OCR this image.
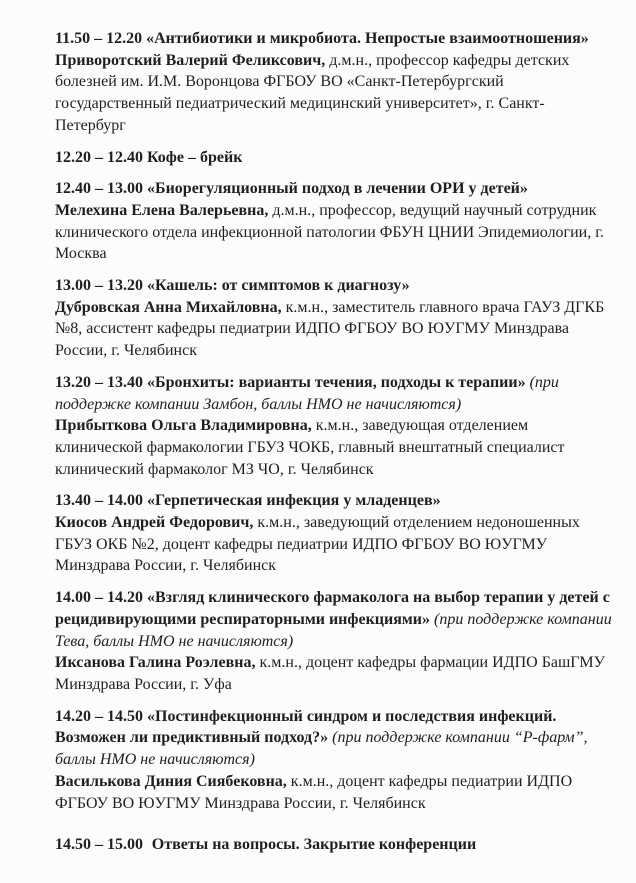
11.50 – 12.20 «Антибиотики и микробиота. Непростые взаимоотношения»

Приворотский Валерий Феликсович, д.м.н., профессор кафедры детских болезней им. И.М. Воронцова ФГБОУ ВО «Санкт-Петербургский государственный педиатрический медицинский университет», г. Санкт-Петербург

12.20 – 12.40 Кофе – брейк

12.40 – 13.00 «Биорегуляционный подход в лечении ОРИ у детей»

Мелехина Елена Валерьевна, д.м.н., профессор, ведущий научный сотрудник клинического отдела инфекционной патологии ФБУН ЦНИИ Эпидемиологии, г. Москва

13.00 – 13.20 «Кашель: от симптомов к диагнозу»

Дубровская Анна Михайловна, к.м.н., заместитель главного врача ГАУЗ ДГКБ №8, ассистент кафедры педиатрии ИДПО ФГБОУ ВО ЮУГМУ Минздрава России, г. Челябинск

13.20 – 13.40 «Бронхиты: варианты течения, подходы к терапии» (при поддержке компании Замбон, баллы НМО не начисляются)

Прибыткова Ольга Владимировна, к.м.н., заведующая отделением клинической фармакологии ГБУЗ ЧОКБ, главный внештатный специалист клинический фармаколог МЗ ЧО, г. Челябинск

13.40 – 14.00 «Герпетическая инфекция у младенцев»

Киосов Андрей Федорович, к.м.н., заведующий отделением недоношенных ГБУЗ ОКБ №2, доцент кафедры педиатрии ИДПО ФГБОУ ВО ЮУГМУ Минздрава России, г. Челябинск

14.00 – 14.20 «Взгляд клинического фармаколога на выбор терапии у детей с рецидивирующими респираторными инфекциями» (при поддержке компании Тева, баллы НМО не начисляются)

Иксанова Галина Роэлевна, к.м.н., доцент кафедры фармации ИДПО БашГМУ Минздрава России, г. Уфа

14.20 – 14.50 «Постинфекционный синдром и последствия инфекций. Возможен ли предиктивный подход?» (при поддержке компании “Р-фарм”, баллы НМО не начисляются)

Василькова Диния Сиябековна, к.м.н., доцент кафедры педиатрии ИДПО ФГБОУ ВО ЮУГМУ Минздрава России, г. Челябинск

14.50 – 15.00 Ответы на вопросы. Закрытие конференции
